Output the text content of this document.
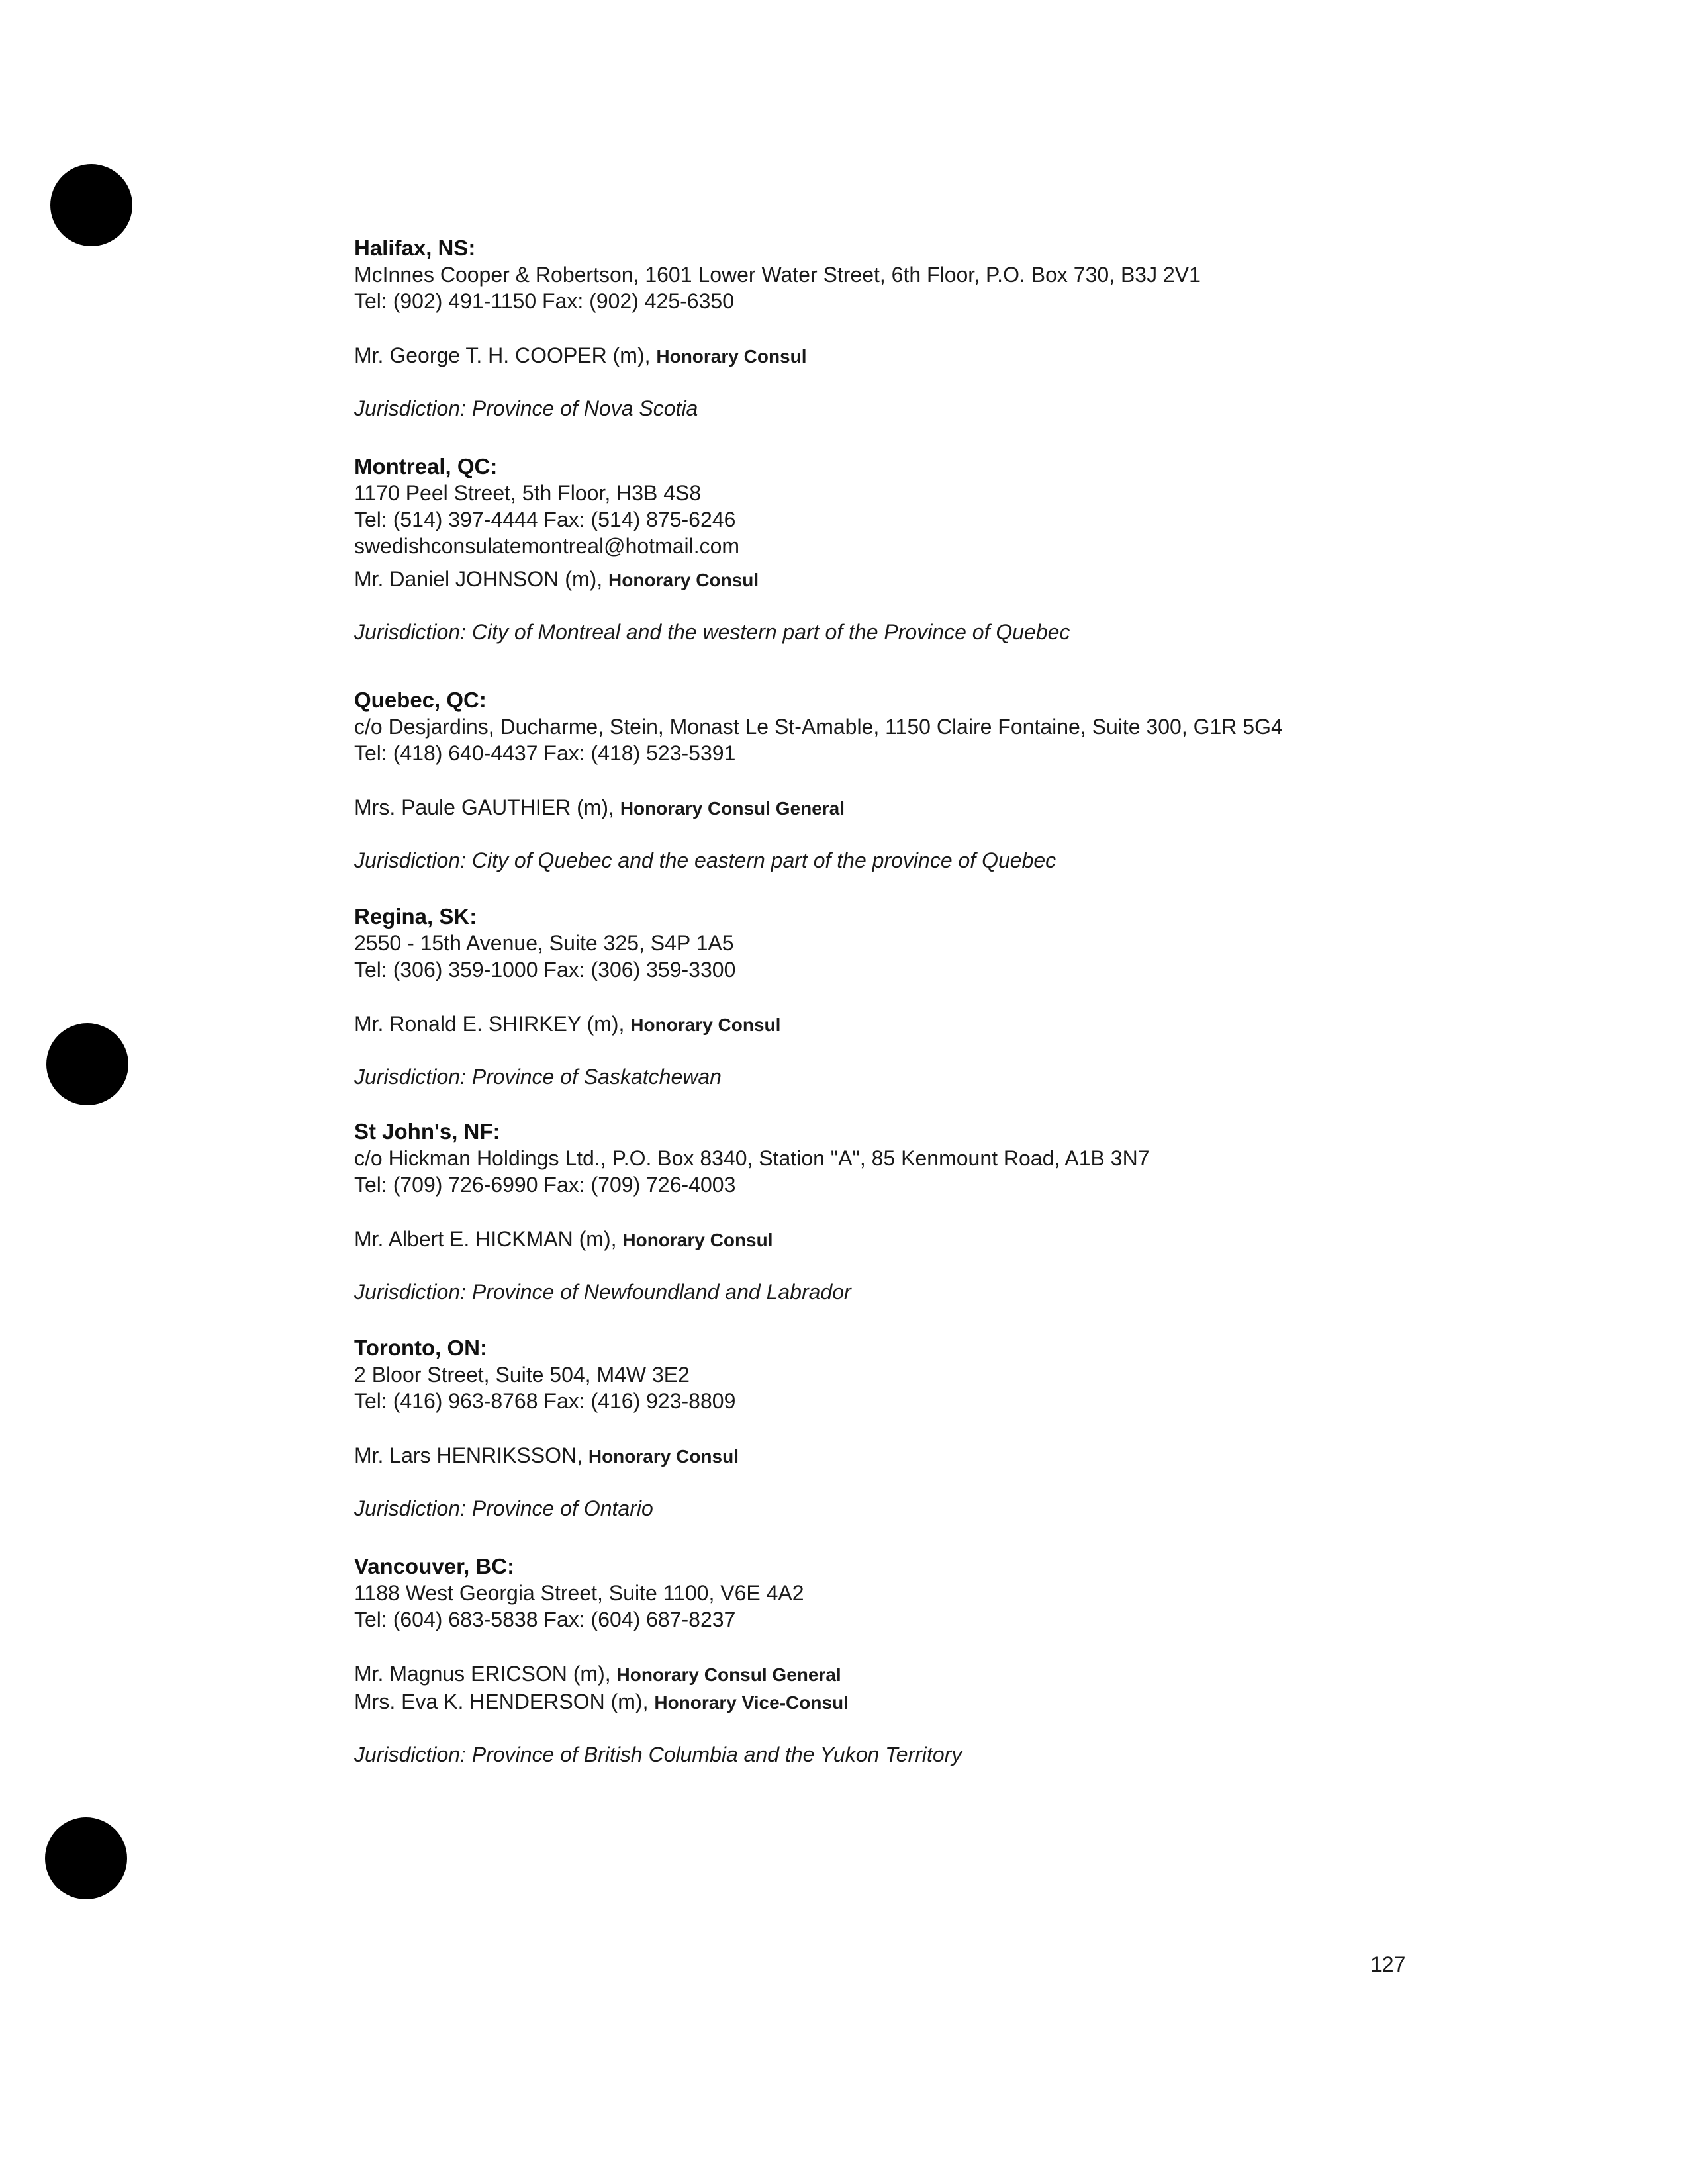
Halifax, NS:
McInnes Cooper & Robertson, 1601 Lower Water Street, 6th Floor, P.O. Box 730, B3J 2V1
Tel: (902) 491-1150 Fax: (902) 425-6350
Mr. George T. H. COOPER (m), Honorary Consul
Jurisdiction: Province of Nova Scotia
Montreal, QC:
1170 Peel Street, 5th Floor, H3B 4S8
Tel: (514) 397-4444 Fax: (514) 875-6246
swedishconsulatemontreal@hotmail.com
Mr. Daniel JOHNSON (m), Honorary Consul
Jurisdiction: City of Montreal and the western part of the Province of Quebec
Quebec, QC:
c/o Desjardins, Ducharme, Stein, Monast Le St-Amable, 1150 Claire Fontaine, Suite 300, G1R 5G4
Tel: (418) 640-4437 Fax: (418) 523-5391
Mrs. Paule GAUTHIER (m), Honorary Consul General
Jurisdiction: City of Quebec and the eastern part of the province of Quebec
Regina, SK:
2550 - 15th Avenue, Suite 325, S4P 1A5
Tel: (306) 359-1000 Fax: (306) 359-3300
Mr. Ronald E. SHIRKEY (m), Honorary Consul
Jurisdiction: Province of Saskatchewan
St John's, NF:
c/o Hickman Holdings Ltd., P.O. Box 8340, Station "A", 85 Kenmount Road, A1B 3N7
Tel: (709) 726-6990 Fax: (709) 726-4003
Mr. Albert E. HICKMAN (m), Honorary Consul
Jurisdiction: Province of Newfoundland and Labrador
Toronto, ON:
2 Bloor Street, Suite 504, M4W 3E2
Tel: (416) 963-8768 Fax: (416) 923-8809
Mr. Lars HENRIKSSON, Honorary Consul
Jurisdiction: Province of Ontario
Vancouver, BC:
1188 West Georgia Street, Suite 1100, V6E 4A2
Tel: (604) 683-5838 Fax: (604) 687-8237
Mr. Magnus ERICSON (m), Honorary Consul General
Mrs. Eva K. HENDERSON (m), Honorary Vice-Consul
Jurisdiction: Province of British Columbia and the Yukon Territory
127
